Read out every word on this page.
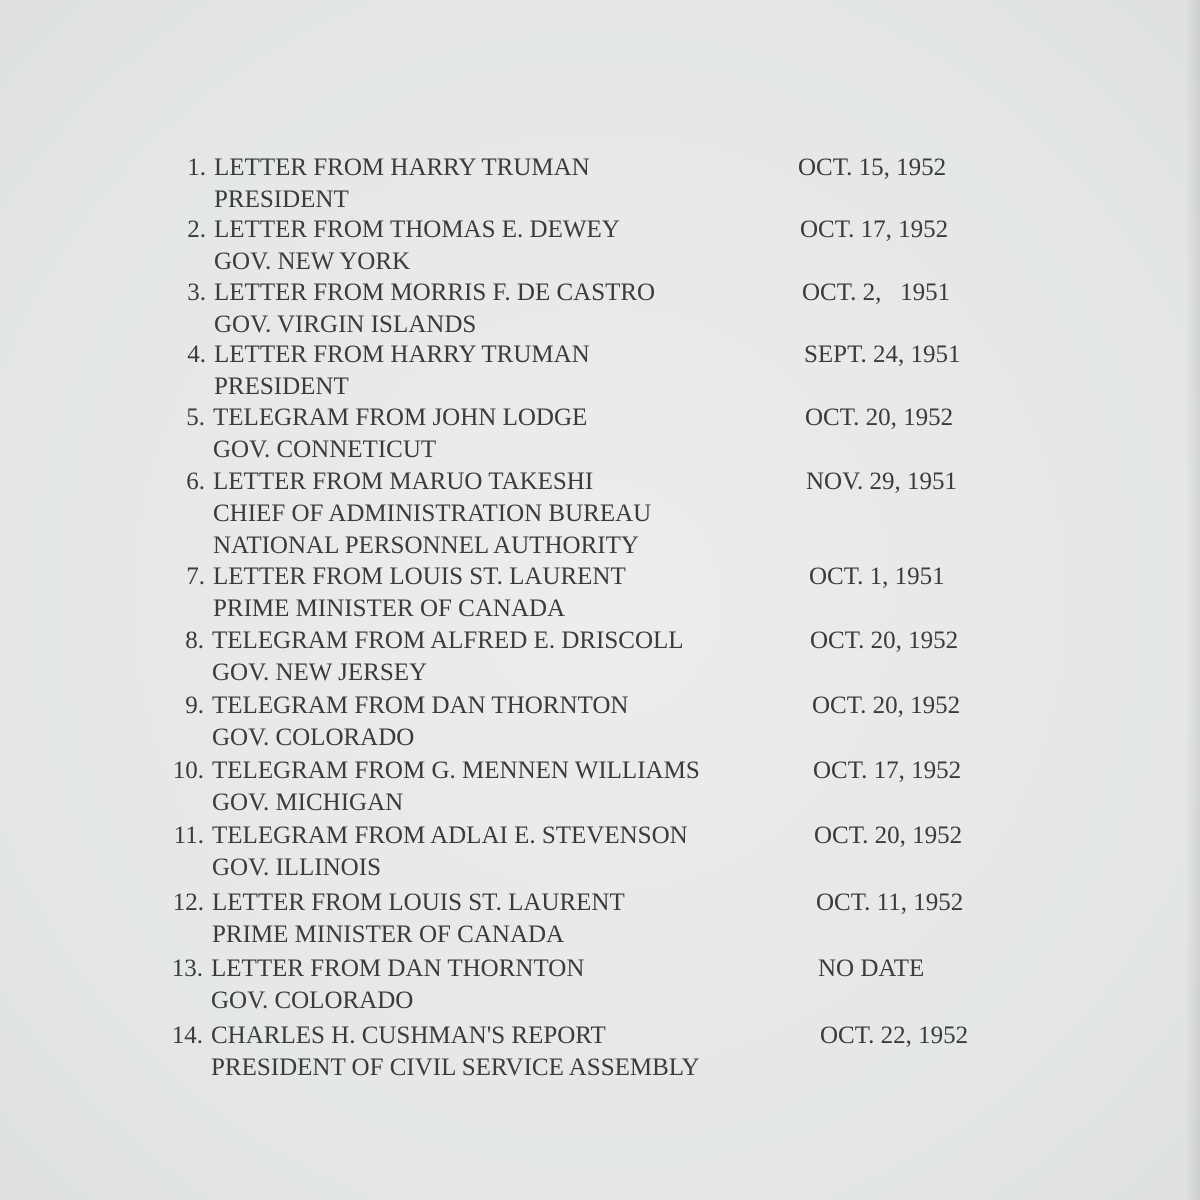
1. LETTER FROM HARRY TRUMAN	OCT. 15, 1952
PRESIDENT
2. LETTER FROM THOMAS E. DEWEY	OCT. 17, 1952
GOV. NEW YORK
3. LETTER FROM MORRIS F. DE CASTRO	OCT. 2,   1951
GOV. VIRGIN ISLANDS
4. LETTER FROM HARRY TRUMAN	SEPT. 24, 1951
PRESIDENT
5. TELEGRAM FROM JOHN LODGE	OCT. 20, 1952
GOV. CONNETICUT
6. LETTER FROM MARUO TAKESHI	NOV. 29, 1951
CHIEF OF ADMINISTRATION BUREAU
NATIONAL PERSONNEL AUTHORITY
7. LETTER FROM LOUIS ST. LAURENT	OCT. 1, 1951
PRIME MINISTER OF CANADA
8. TELEGRAM FROM ALFRED E. DRISCOLL	OCT. 20, 1952
GOV. NEW JERSEY
9. TELEGRAM FROM DAN THORNTON	OCT. 20, 1952
GOV. COLORADO
10. TELEGRAM FROM G. MENNEN WILLIAMS	OCT. 17, 1952
GOV. MICHIGAN
11. TELEGRAM FROM ADLAI E. STEVENSON	OCT. 20, 1952
GOV. ILLINOIS
12. LETTER FROM LOUIS ST. LAURENT	OCT. 11, 1952
PRIME MINISTER OF CANADA
13. LETTER FROM DAN THORNTON	NO DATE
GOV. COLORADO
14. CHARLES H. CUSHMAN'S REPORT	OCT. 22, 1952
PRESIDENT OF CIVIL SERVICE ASSEMBLY
